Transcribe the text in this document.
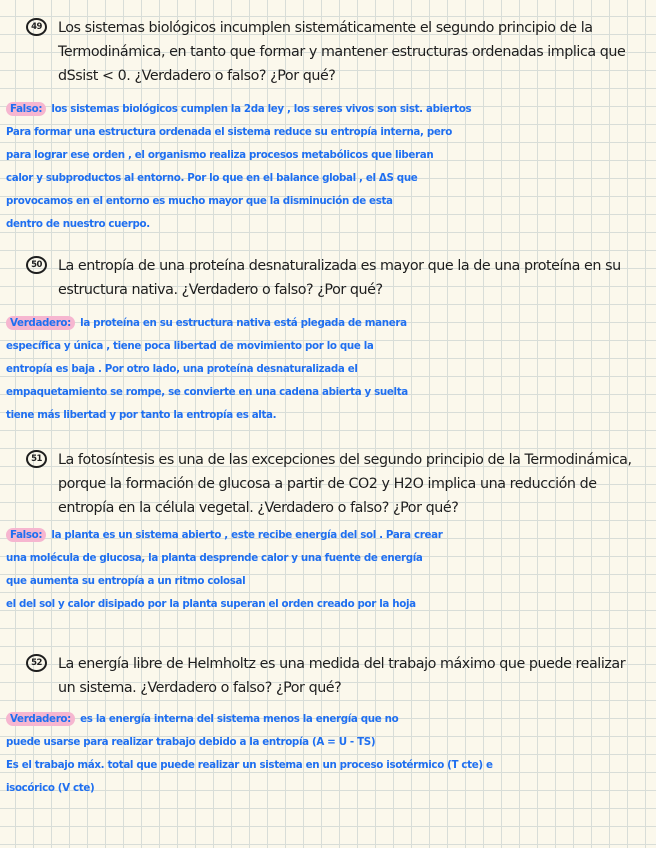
49	Los sistemas biológicos incumplen sistemáticamente el segundo principio de la Termodinámica, en tanto que formar y mantener estructuras ordenadas implica que dSsist < 0. ¿Verdadero o falso? ¿Por qué?
Falso: los sistemas biológicos cumplen la 2da ley , los seres vivos son sist. abiertos
Para formar una estructura ordenada el sistema reduce su entropía interna, pero
para lograr ese orden , el organismo realiza procesos metabólicos que liberan
calor y subproductos al entorno. Por lo que en el balance global , el ΔS que
provocamos en el entorno es mucho mayor que la disminución de esta
dentro de nuestro cuerpo.
50	La entropía de una proteína desnaturalizada es mayor que la de una proteína en su estructura nativa. ¿Verdadero o falso? ¿Por qué?
Verdadero: la proteína en su estructura nativa está plegada de manera
específica y única , tiene poca libertad de movimiento por lo que la
entropía es baja . Por otro lado, una proteína desnaturalizada el
empaquetamiento se rompe, se convierte en una cadena abierta y suelta
tiene más libertad y por tanto la entropía es alta.
51	La fotosíntesis es una de las excepciones del segundo principio de la Termodinámica, porque la formación de glucosa a partir de CO2 y H2O implica una reducción de entropía en la célula vegetal. ¿Verdadero o falso? ¿Por qué?
Falso: la planta es un sistema abierto , este recibe energía del sol . Para crear
una molécula de glucosa, la planta desprende calor y una fuente de energía
que aumenta su entropía a un ritmo colosal
el del sol y calor disipado por la planta superan el orden creado por la hoja
52	La energía libre de Helmholtz es una medida del trabajo máximo que puede realizar un sistema. ¿Verdadero o falso? ¿Por qué?
Verdadero: es la energía interna del sistema menos la energía que no
puede usarse para realizar trabajo debido a la entropía (A = U - TS)
Es el trabajo máx. total que puede realizar un sistema en un proceso isotérmico (T cte) e
isocórico (V cte)
